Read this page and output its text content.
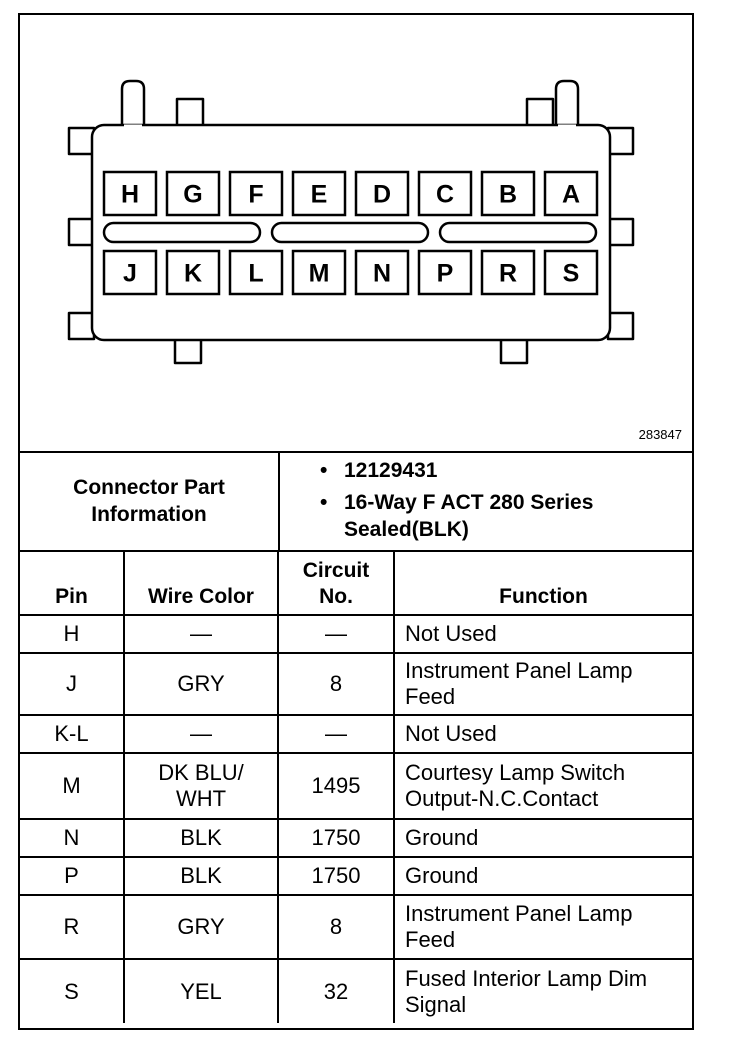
H G F E D C B A
J K L M N P R S
283847
Connector Part Information
• 12129431
• 16-Way F ACT 280 Series Sealed(BLK)
Pin	Wire Color	Circuit No.	Function
H	—	—	Not Used

J	GRY	8	Instrument Panel Lamp Feed

K-L	—	—	Not Used

M	DK BLU/ WHT	1495	Courtesy Lamp Switch Output-N.C.Contact

N	BLK	1750	Ground

P	BLK	1750	Ground

R	GRY	8	Instrument Panel Lamp Feed

S	YEL	32	Fused Interior Lamp Dim Signal
